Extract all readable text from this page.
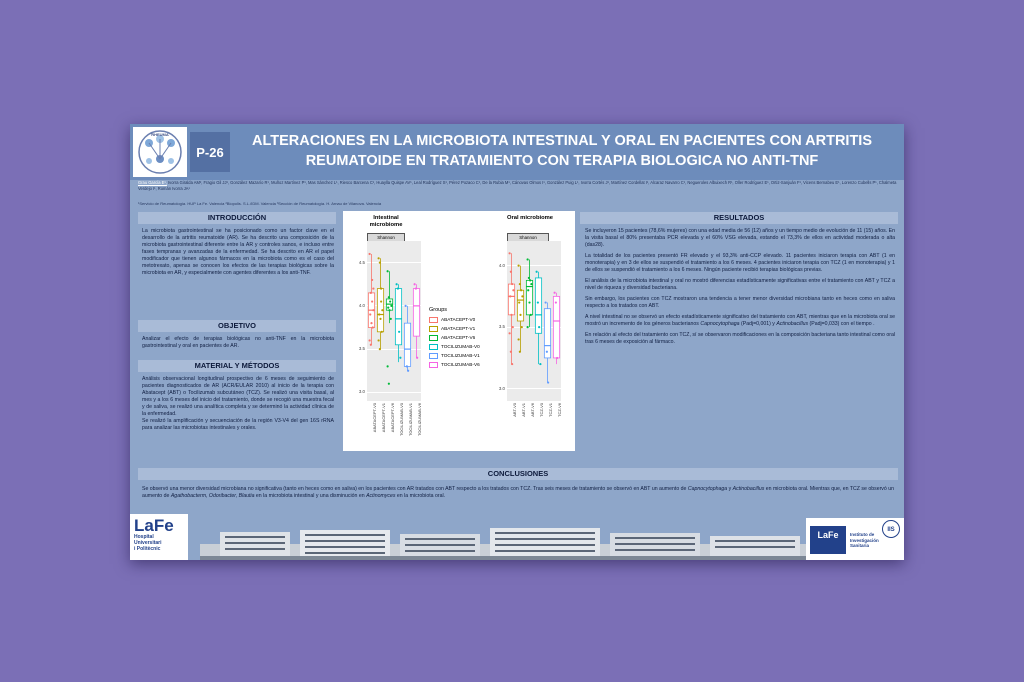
RHEUMA
P-26
ALTERACIONES EN LA MICROBIOTA INTESTINAL Y ORAL EN PACIENTES CON ARTRITIS
REUMATOIDE EN TRATAMIENTO CON TERAPIA BIOLOGICA NO ANTI-TNF
Grau García E¹, Ivorra Giralda AM², Fragio Gil JJ¹, González Mazarío R¹, Muñoz Martínez P¹, Mas Sánchez L¹, Riesco Barcena C¹, Huaylla Quispe AV¹, Leal Rodríguez S¹, Pérez Pozaco C¹, De la Rubia M¹, Cánovas Olmos I¹, González Puig L¹, Ivorra Cortés J¹, Martínez Cordellat I¹, Alcaraz Navarro C¹, Negueroles Albuixech R¹, Oller Rodríguez E¹, Ortiz-Sanjuán F¹, Vicens Bernabeu E¹, Lorenzo Cubells P¹, Chalmeta Verdejo I¹, Román Ivorra JA¹
¹Servicio de Reumatología. HUP La Fe. Valencia ²Biopolis. S.L./IDM. Valencia ³Sección de Reumatología. H. Arnau de Vilanova. Valencia
INTRODUCCIÓN
La microbiota gastrointestinal se ha posicionado como un factor clave en el desarrollo de la artritis reumatoide (AR). Se ha descrito una composición de la microbiota gastrointestinal diferente entre la AR y controles sanos, e incluso entre fases tempranas y avanzadas de la enfermedad. Se ha descrito en AR el papel modificador que tienen algunos fármacos en la microbiota como es el caso del metotrexato, apenas se conocen los efectos de las terapias biológicas sobre la microbiota en AR, y especialmente con agentes diferentes a los anti-TNF.
OBJETIVO
Analizar el efecto de terapias biológicas no anti-TNF en la microbiota gastrointestinal y oral en pacientes de AR.
MATERIAL Y MÉTODOS
Análisis observacional longitudinal prospectivo de 6 meses de seguimiento de pacientes diagnosticados de AR (ACR/EULAR 2010) al inicio de la terapia con Abatacept (ABT) o Tocilizumab subcutáneo (TCZ). Se realizó una visita basal, al mes y a los 6 meses del inicio del tratamiento, donde se recogió una muestra fecal y de saliva, se realizó una analítica completa y se determinó la actividad clínica de la enfermedad.
Se realizó la amplificación y secuenciación de la región V3-V4 del gen 16S rRNA para analizar las microbiotas intestinales y orales.
Intestinal microbiome
Shannon
Oral microbiome
Shannon
Groups
ABATACEPT-V0
ABATACEPT-V1
ABATACEPT-V6
TOCILIZUMAB-V0
TOCILIZUMAB-V1
TOCILIZUMAB-V6
3.0
3.5
4.0
4.5
ABATACEPT-V0 ABATACEPT-V1 ABATACEPT-V6 TOCILIZUMAB-V0 TOCILIZUMAB-V1 TOCILIZUMAB-V6
3.0
3.5
4.0
ABT-V0 ABT-V1 ABT-V6 TCZ-V0 TCZ-V1 TCZ-V6
RESULTADOS

Se incluyeron 15 pacientes (78,6% mujeres) con una edad media de 56 (12) años y un tiempo medio de evolución de 11 (15) años. En la visita basal el 80% presentaba PCR elevada y el 60% VSG elevada, estando el 73,3% de ellos en actividad moderada o alta (das28).

La totalidad de los pacientes presentó FR elevado y el 93,3% anti-CCP elevado. 11 pacientes iniciaron terapia con ABT (1 en monoterapia) y en 3 de ellos se suspendió el tratamiento a los 6 meses. 4 pacientes iniciaron terapia con TCZ (1 en monoterapia) y 1 de ellos se suspendió el tratamiento a los 6 meses. Ningún paciente recibió terapias biológicas previas.

El análisis de la microbiota intestinal y oral no mostró diferencias estadísticamente significativas entre el tratamiento con ABT y TCZ a nivel de riqueza y diversidad bacteriana.

Sin embargo, los pacientes con TCZ mostraron una tendencia a tener menor diversidad microbiana tanto en heces como en saliva respecto a los tratados con ABT.

A nivel intestinal no se observó un efecto estadísticamente significativo del tratamiento con ABT, mientras que en la microbiota oral se mostró un incremento de los géneros bacterianos Capnocytophaga (Padj=0,001) y Actinobacillus (Padj=0,033) con el tiempo .

En relación al efecto del tratamiento con TCZ, sí se observaron modificaciones en la composición bacteriana tanto intestinal como oral tras 6 meses de exposición al fármaco.

CONCLUSIONES
Se observó una menor diversidad microbiana no significativa (tanto en heces como en saliva) en los pacientes con AR tratados con ABT respecto a los tratados con TCZ. Tras seis meses de tratamiento se observó en ABT un aumento de Capnocytophaga y Actinobacillus en microbiota oral. Mientras que, en TCZ se observó un aumento de Agathobacterm, Odoribacter, Blautia en la microbiota intestinal y una disminución en Actinomyces en la microbiota oral.
LaFe
Hospital
Universitari
i Politècnic
LaFe	Instituto de
Investigación
Sanitaria
IIS
